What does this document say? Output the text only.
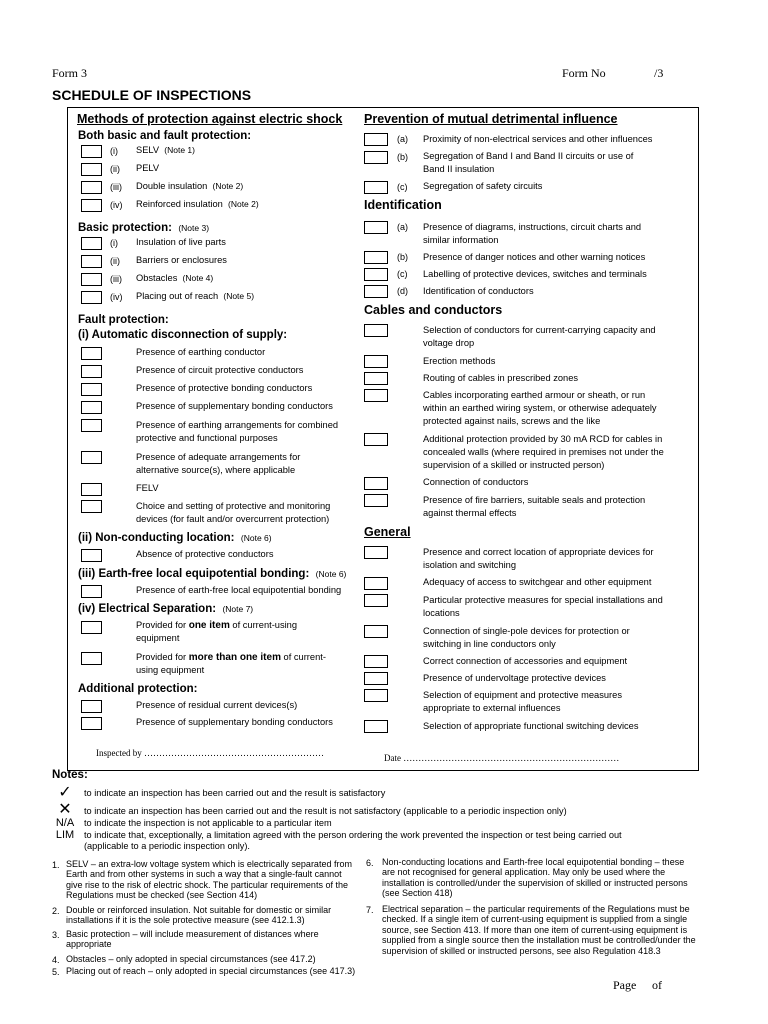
Form 3	Form No	/3
SCHEDULE OF INSPECTIONS
Methods of protection against electric shock
Both basic and fault protection:
(i) SELV (Note 1)
(ii) PELV
(iii) Double insulation (Note 2)
(iv) Reinforced insulation (Note 2)
Basic protection: (Note 3)
(i) Insulation of live parts
(ii) Barriers or enclosures
(iii) Obstacles (Note 4)
(iv) Placing out of reach (Note 5)
Fault protection:
(i) Automatic disconnection of supply:
Presence of earthing conductor
Presence of circuit protective conductors
Presence of protective bonding conductors
Presence of supplementary bonding conductors
Presence of earthing arrangements for combined
protective and functional purposes
Presence of adequate arrangements for
alternative source(s), where applicable
FELV
Choice and setting of protective and monitoring
devices (for fault and/or overcurrent protection)
(ii) Non-conducting location: (Note 6)
Absence of protective conductors
(iii) Earth-free local equipotential bonding: (Note 6)
Presence of earth-free local equipotential bonding
(iv) Electrical Separation: (Note 7)
Provided for one item of current-using
equipment
Provided for more than one item of current-
using equipment
Additional protection:
Presence of residual current devices(s)
Presence of supplementary bonding conductors
Inspected by ……………………………………………………
Prevention of mutual detrimental influence
(a) Proximity of non-electrical services and other influences
(b) Segregation of Band I and Band II circuits or use of
Band II insulation
(c) Segregation of safety circuits
Identification
(a) Presence of diagrams, instructions, circuit charts and
similar information
(b) Presence of danger notices and other warning notices
(c) Labelling of protective devices, switches and terminals
(d) Identification of conductors
Cables and conductors
Selection of conductors for current-carrying capacity and
voltage drop
Erection methods
Routing of cables in prescribed zones
Cables incorporating earthed armour or sheath, or run
within an earthed wiring system, or otherwise adequately
protected against nails, screws and the like
Additional protection provided by 30 mA RCD for cables in
concealed walls (where required in premises not under the
supervision of a skilled or instructed person)
Connection of conductors
Presence of fire barriers, suitable seals and protection
against thermal effects
General
Presence and correct location of appropriate devices for
isolation and switching
Adequacy of access to switchgear and other equipment
Particular protective measures for special installations and
locations
Connection of single-pole devices for protection or
switching in line conductors only
Correct connection of accessories and equipment
Presence of undervoltage protective devices
Selection of equipment and protective measures
appropriate to external influences
Selection of appropriate functional switching devices
Date ………………………………………………………………
Notes:
✓	to indicate an inspection has been carried out and the result is satisfactory
✕	to indicate an inspection has been carried out and the result is not satisfactory (applicable to a periodic inspection only)
N/A	to indicate the inspection is not applicable to a particular item
LIM	to indicate that, exceptionally, a limitation agreed with the person ordering the work prevented the inspection or test being carried out
(applicable to a periodic inspection only).
1. SELV – an extra-low voltage system which is electrically separated from Earth and from other systems in such a way that a single-fault cannot give rise to the risk of electric shock. The particular requirements of the Regulations must be checked (see Section 414)
2. Double or reinforced insulation. Not suitable for domestic or similar installations if it is the sole protective measure (see 412.1.3)
3. Basic protection – will include measurement of distances where appropriate
4. Obstacles – only adopted in special circumstances (see 417.2)
5. Placing out of reach – only adopted in special circumstances (see 417.3)
6. Non-conducting locations and Earth-free local equipotential bonding – these are not recognised for general application. May only be used where the installation is controlled/under the supervision of skilled or instructed persons (see Section 418)
7. Electrical separation – the particular requirements of the Regulations must be checked. If a single item of current-using equipment is supplied from a single source, see Section 413. If more than one item of current-using equipment is supplied from a single source then the installation must be controlled/under the supervision of skilled or instructed persons, see also Regulation 418.3
Page of
